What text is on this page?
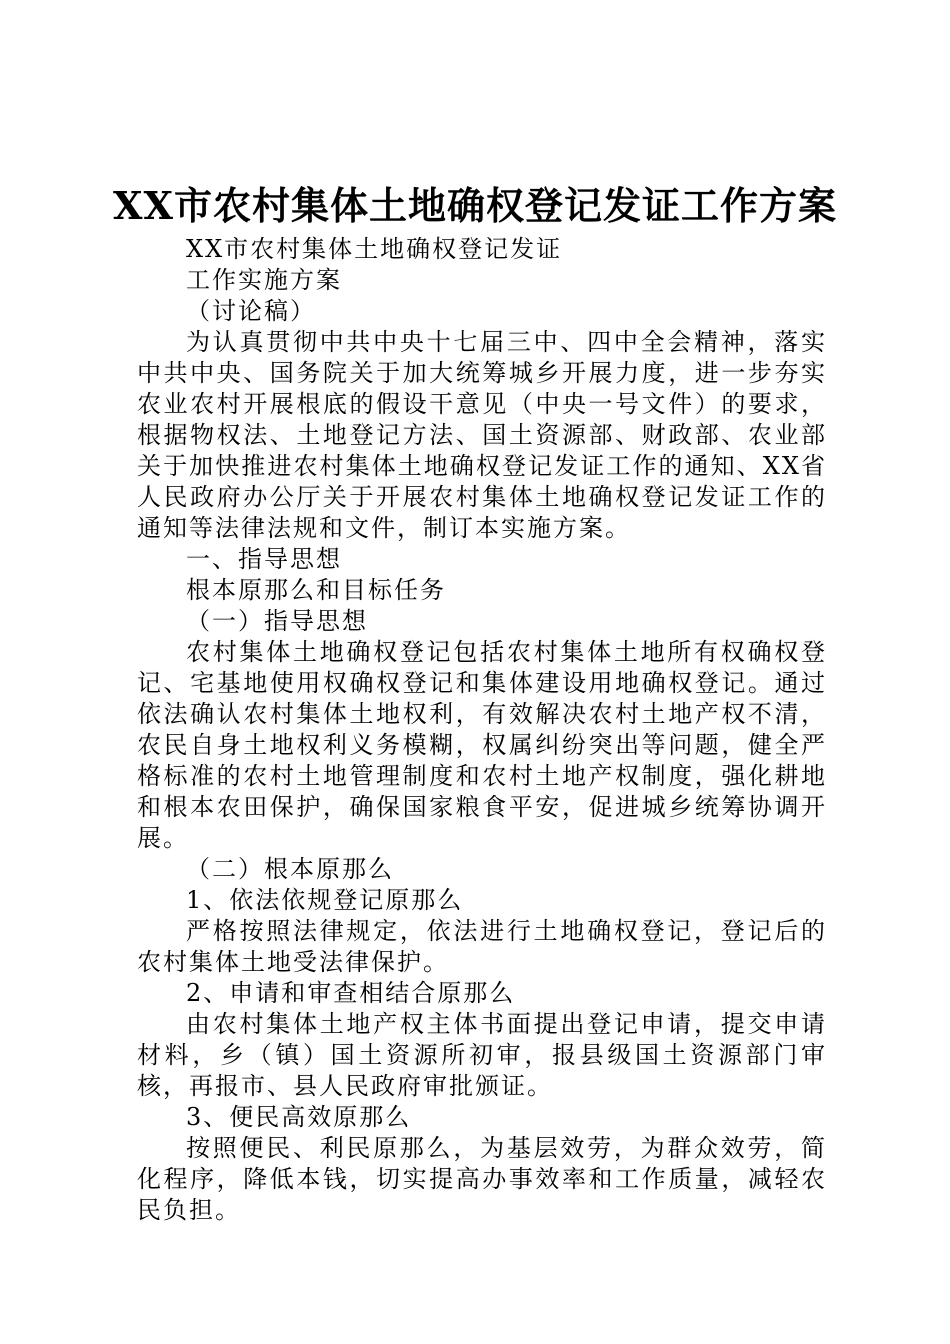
XX市农村集体土地确权登记发证工作方案

XX市农村集体土地确权登记发证

工作实施方案

（讨论稿）

为认真贯彻中共中央十七届三中、四中全会精神，落实中共中央、国务院关于加大统筹城乡开展力度，进一步夯实农业农村开展根底的假设干意见（中央一号文件）的要求，根据物权法、土地登记方法、国土资源部、财政部、农业部关于加快推进农村集体土地确权登记发证工作的通知、XX省人民政府办公厅关于开展农村集体土地确权登记发证工作的通知等法律法规和文件，制订本实施方案。

一、指导思想

根本原那么和目标任务

（一）指导思想

农村集体土地确权登记包括农村集体土地所有权确权登记、宅基地使用权确权登记和集体建设用地确权登记。通过依法确认农村集体土地权利，有效解决农村土地产权不清，农民自身土地权利义务模糊，权属纠纷突出等问题，健全严格标准的农村土地管理制度和农村土地产权制度，强化耕地和根本农田保护，确保国家粮食平安，促进城乡统筹协调开展。

（二）根本原那么

1、依法依规登记原那么

严格按照法律规定，依法进行土地确权登记，登记后的农村集体土地受法律保护。

2、申请和审查相结合原那么

由农村集体土地产权主体书面提出登记申请，提交申请材料，乡（镇）国土资源所初审，报县级国土资源部门审核，再报市、县人民政府审批颁证。

3、便民高效原那么

按照便民、利民原那么，为基层效劳，为群众效劳，简化程序，降低本钱，切实提高办事效率和工作质量，减轻农民负担。
